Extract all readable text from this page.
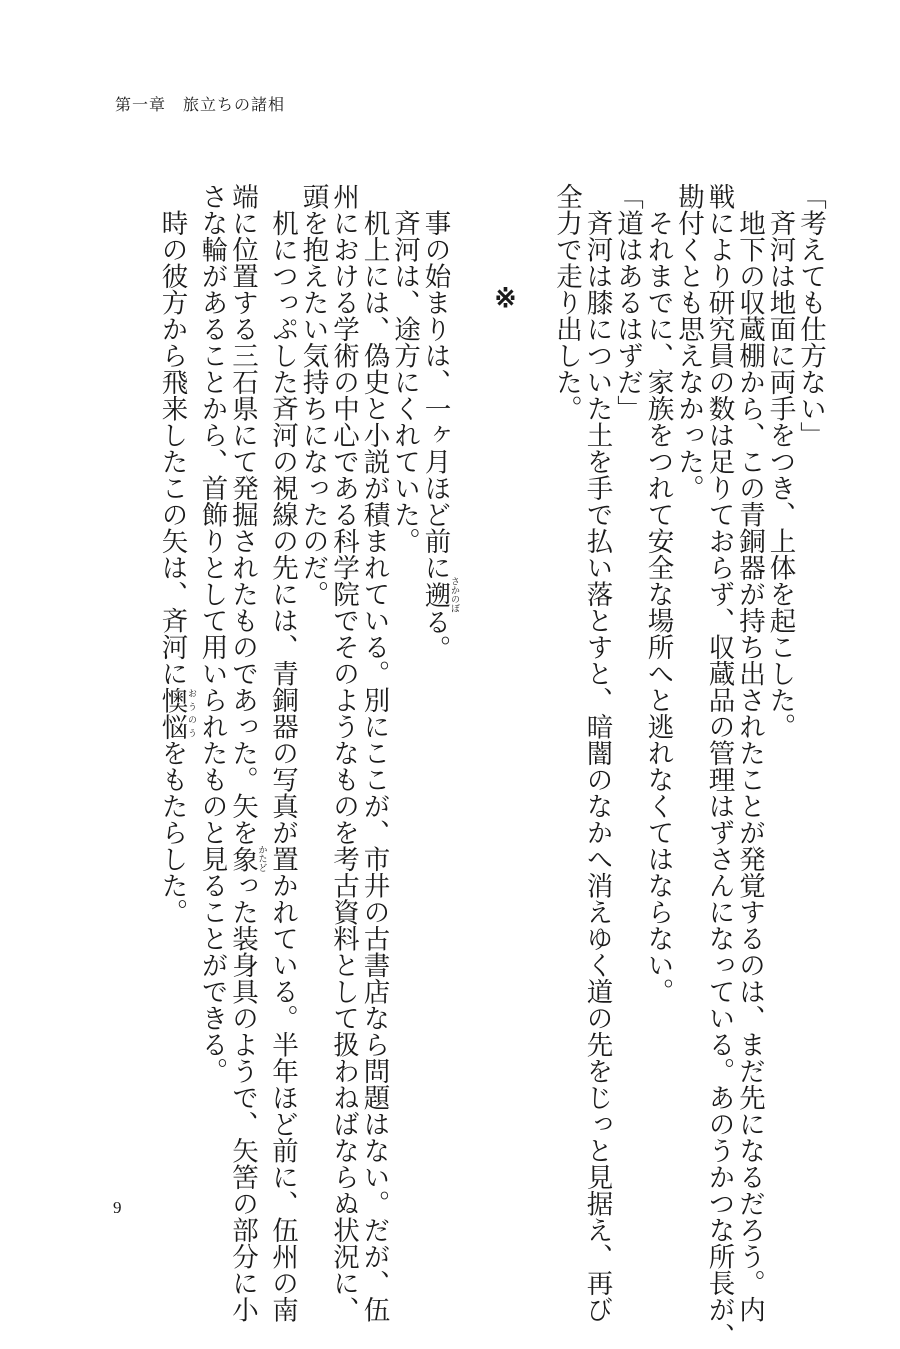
第一章　旅立ちの諸相
「考えても仕方ない」
　斉河は地面に両手をつき、上体を起こした。
　地下の収蔵棚から、この青銅器が持ち出されたことが発覚するのは、まだ先になるだろう。内
戦により研究員の数は足りておらず、収蔵品の管理はずさんになっている。あのうかつな所長が、
勘付くとも思えなかった。
　それまでに、家族をつれて安全な場所へと逃れなくてはならない。
「道はあるはずだ」
　斉河は膝についた土を手で払い落とすと、暗闇のなかへ消えゆく道の先をじっと見据え、再び
全力で走り出した。
※
　事の始まりは、一ヶ月ほど前に遡さかのぼる。
　斉河は、途方にくれていた。
　机上には、偽史と小説が積まれている。別にここが、市井の古書店なら問題はない。だが、伍
州における学術の中心である科学院でそのようなものを考古資料として扱わねばならぬ状況に、
頭を抱えたい気持ちになったのだ。
　机につっぷした斉河の視線の先には、青銅器の写真が置かれている。半年ほど前に、伍州の南
端に位置する三石県にて発掘されたものであった。矢を象かたどった装身具のようで、矢筈の部分に小
さな輪があることから、首飾りとして用いられたものと見ることができる。
　時の彼方から飛来したこの矢は、斉河に懊悩おうのうをもたらした。
9
